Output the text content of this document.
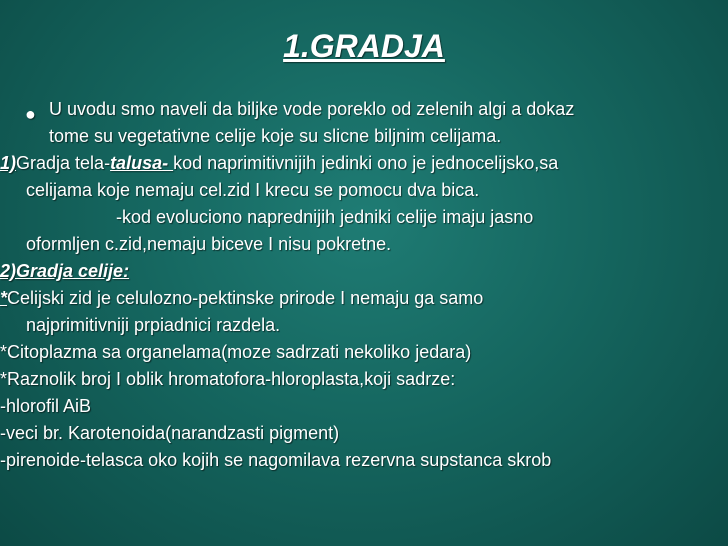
1.GRADJA
● U uvodu smo naveli da biljke vode poreklo od zelenih algi a dokaz
tome su vegetativne celije koje su slicne biljnim celijama.
1)Gradja tela-talusa- kod naprimitivnijih jedinki ono je jednocelijsko,sa
celijama koje nemaju cel.zid I krecu se pomocu dva bica.
-kod evoluciono naprednijih jedniki celije imaju jasno
oformljen c.zid,nemaju biceve I nisu pokretne.
2)Gradja celije:
*Celijski zid je celulozno-pektinske prirode I nemaju ga samo
najprimitivniji prpiadnici razdela.
*Citoplazma sa organelama(moze sadrzati nekoliko jedara)
*Raznolik broj I oblik hromatofora-hloroplasta,koji sadrze:
-hlorofil AiB
-veci br. Karotenoida(narandzasti pigment)
-pirenoide-telasca oko kojih se nagomilava rezervna supstanca skrob
